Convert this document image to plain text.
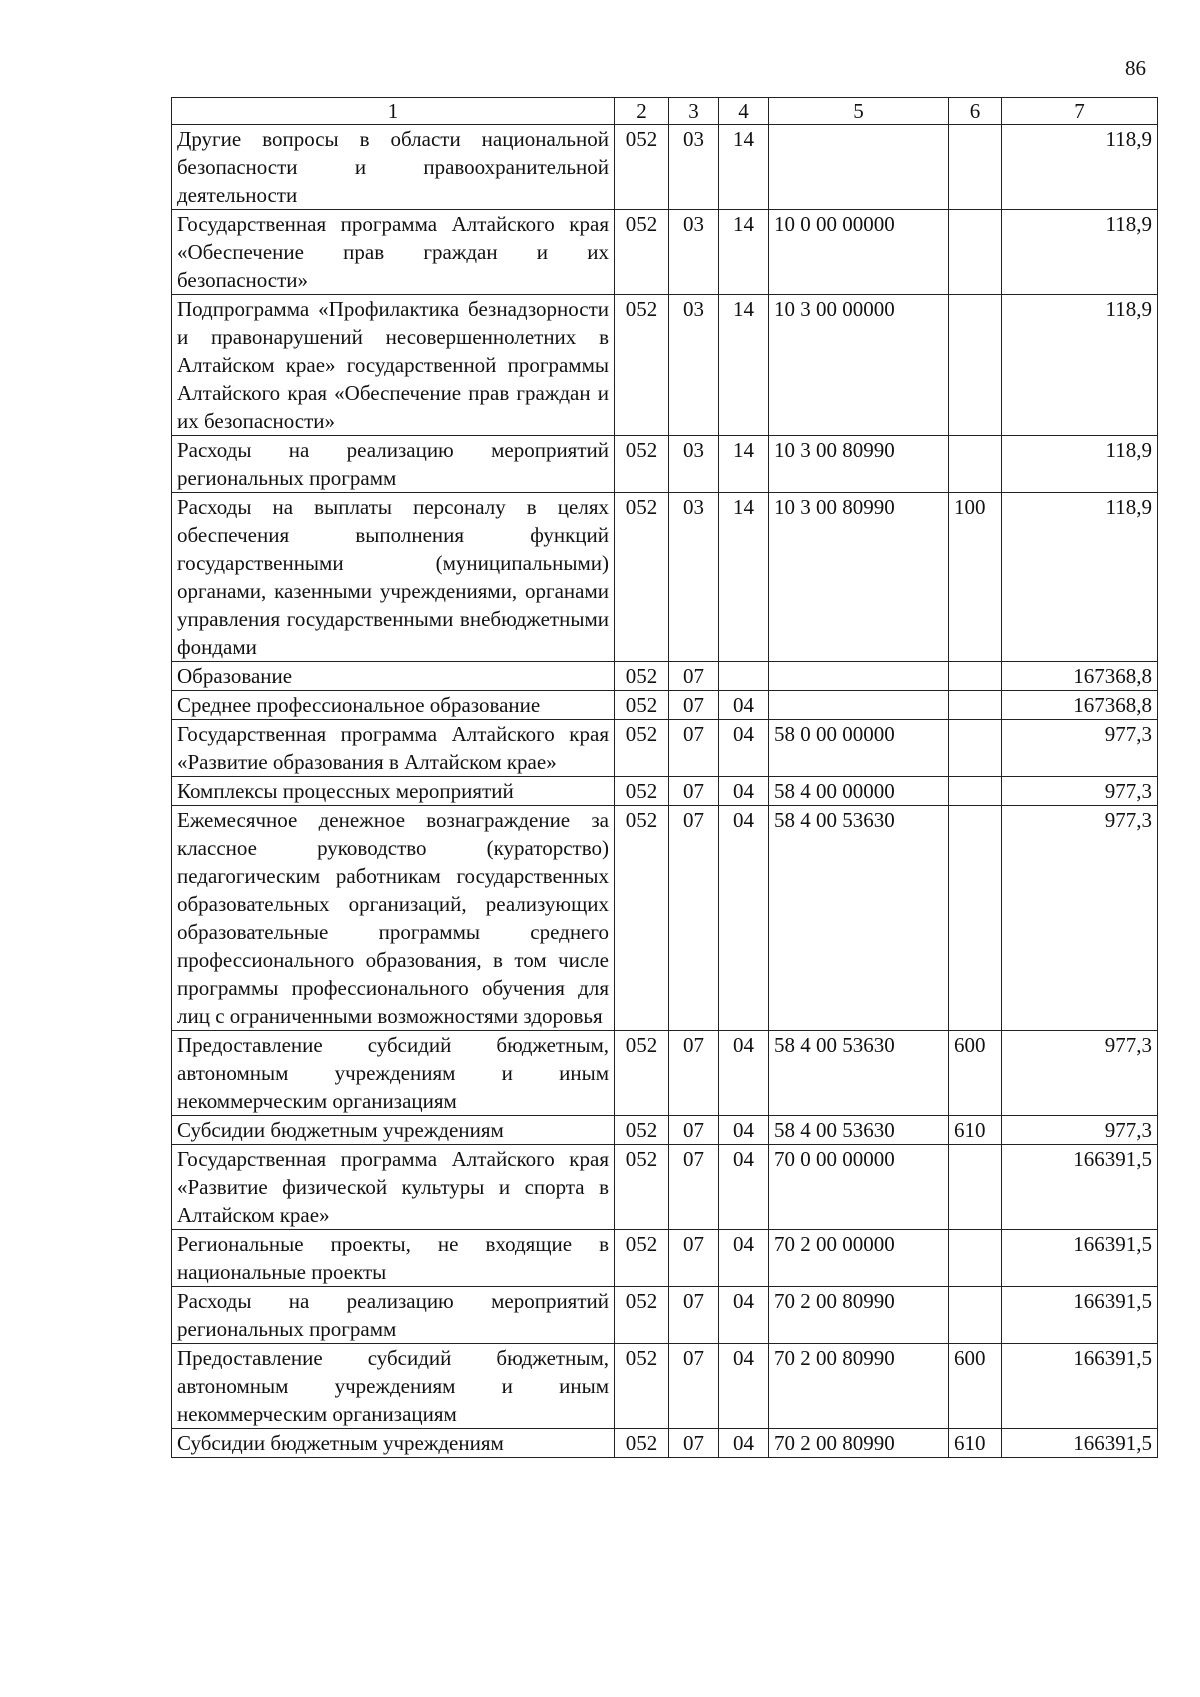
86
1	2	3	4	5	6	7
Другие вопросы в области национальной безопасности и правоохранительной деятельности	052	03	14			118,9
Государственная программа Алтайского края «Обеспечение прав граждан и их безопасности»	052	03	14	10 0 00 00000		118,9
Подпрограмма «Профилактика безнадзорности и правонарушений несовершеннолетних в Алтайском крае» государственной программы Алтайского края «Обеспечение прав граждан и их безопасности»	052	03	14	10 3 00 00000		118,9
Расходы на реализацию мероприятий региональных программ	052	03	14	10 3 00 80990		118,9
Расходы на выплаты персоналу в целях обеспечения выполнения функций государственными (муниципальными) органами, казенными учреждениями, органами управления государственными внебюджетными фондами	052	03	14	10 3 00 80990	100	118,9
Образование	052	07				167368,8
Среднее профессиональное образование	052	07	04			167368,8
Государственная программа Алтайского края «Развитие образования в Алтайском крае»	052	07	04	58 0 00 00000		977,3
Комплексы процессных мероприятий	052	07	04	58 4 00 00000		977,3
Ежемесячное денежное вознаграждение за классное руководство (кураторство) педагогическим работникам государственных образовательных организаций, реализующих образовательные программы среднего профессионального образования, в том числе программы профессионального обучения для лиц с ограниченными возможностями здоровья	052	07	04	58 4 00 53630		977,3
Предоставление субсидий бюджетным, автономным учреждениям и иным некоммерческим организациям	052	07	04	58 4 00 53630	600	977,3
Субсидии бюджетным учреждениям	052	07	04	58 4 00 53630	610	977,3
Государственная программа Алтайского края «Развитие физической культуры и спорта в Алтайском крае»	052	07	04	70 0 00 00000		166391,5
Региональные проекты, не входящие в национальные проекты	052	07	04	70 2 00 00000		166391,5
Расходы на реализацию мероприятий региональных программ	052	07	04	70 2 00 80990		166391,5
Предоставление субсидий бюджетным, автономным учреждениям и иным некоммерческим организациям	052	07	04	70 2 00 80990	600	166391,5
Субсидии бюджетным учреждениям	052	07	04	70 2 00 80990	610	166391,5
